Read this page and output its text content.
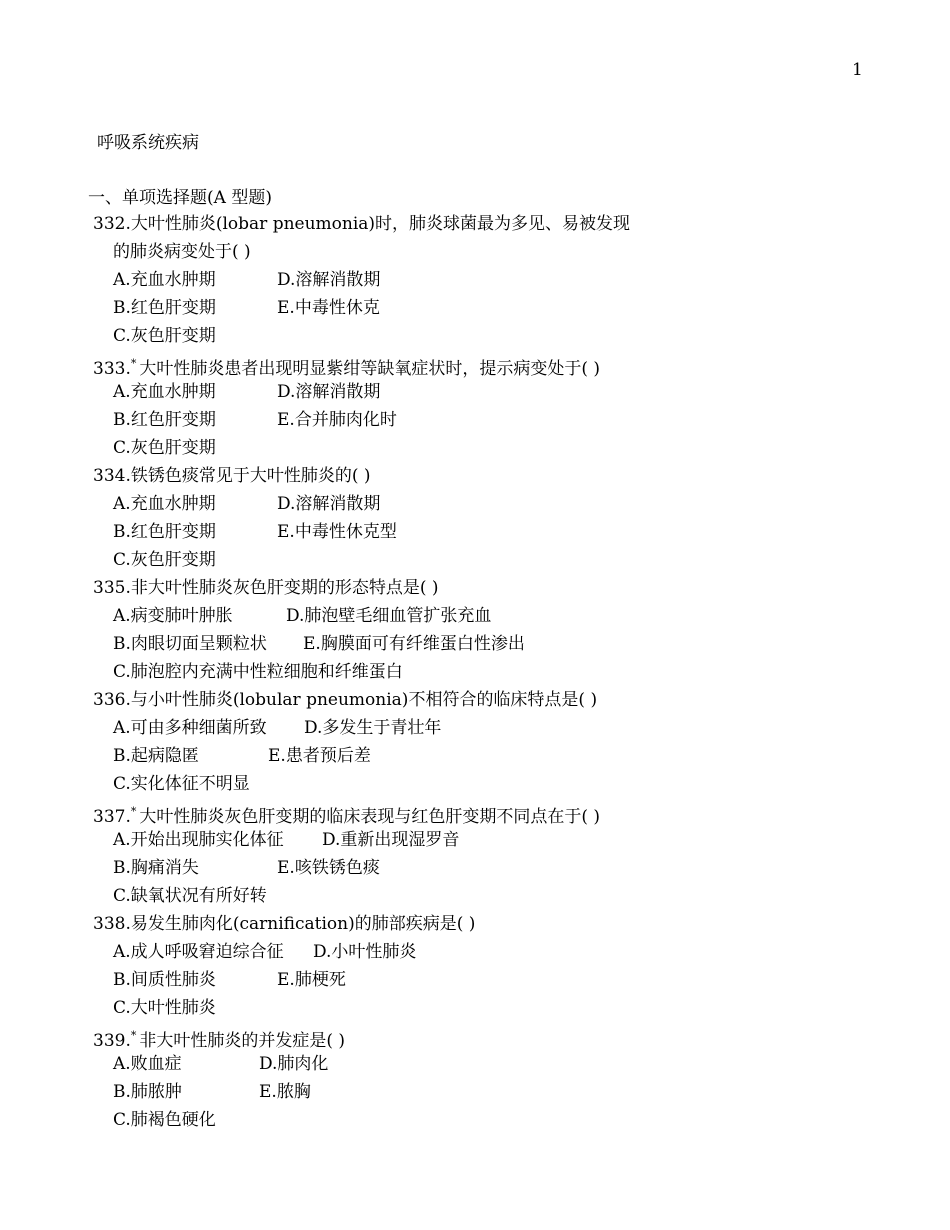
1
呼吸系统疾病
一、单项选择题(A 型题)
332.大叶性肺炎(lobar pneumonia)时，肺炎球菌最为多见、易被发现
的肺炎病变处于( )
A.充血水肿期	D.溶解消散期
B.红色肝变期	E.中毒性休克
C.灰色肝变期
333.* 大叶性肺炎患者出现明显紫绀等缺氧症状时，提示病变处于( )
A.充血水肿期	D.溶解消散期
B.红色肝变期	E.合并肺肉化时
C.灰色肝变期
334.铁锈色痰常见于大叶性肺炎的( )
A.充血水肿期	D.溶解消散期
B.红色肝变期	E.中毒性休克型
C.灰色肝变期
335.非大叶性肺炎灰色肝变期的形态特点是( )
A.病变肺叶肿胀	D.肺泡壁毛细血管扩张充血
B.肉眼切面呈颗粒状 E.胸膜面可有纤维蛋白性渗出
C.肺泡腔内充满中性粒细胞和纤维蛋白
336.与小叶性肺炎(lobular pneumonia)不相符合的临床特点是( )
A.可由多种细菌所致 D.多发生于青壮年
B.起病隐匿	E.患者预后差
C.实化体征不明显
337.* 大叶性肺炎灰色肝变期的临床表现与红色肝变期不同点在于( )
A.开始出现肺实化体征 D.重新出现湿罗音
B.胸痛消失	E.咳铁锈色痰
C.缺氧状况有所好转
338.易发生肺肉化(carnification)的肺部疾病是( )
A.成人呼吸窘迫综合征 D.小叶性肺炎
B.间质性肺炎	E.肺梗死
C.大叶性肺炎
339.* 非大叶性肺炎的并发症是( )
A.败血症	D.肺肉化
B.肺脓肿	E.脓胸
C.肺褐色硬化
